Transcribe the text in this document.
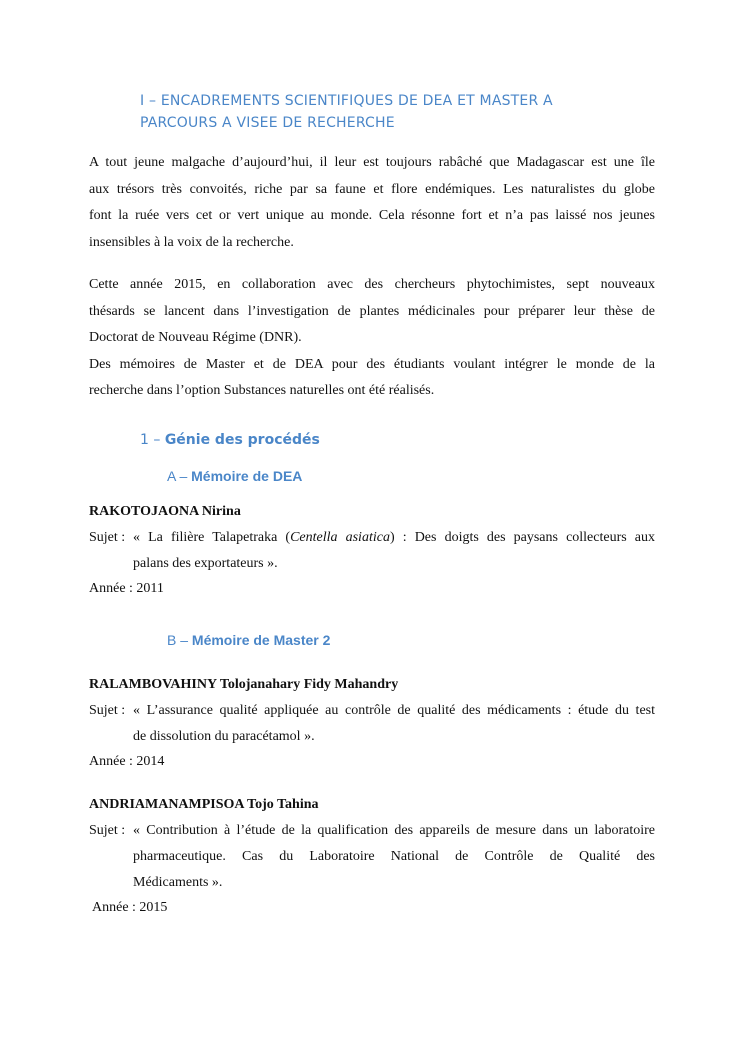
I – ENCADREMENTS SCIENTIFIQUES DE DEA ET MASTER A
PARCOURS A VISEE DE RECHERCHE
A tout jeune malgache d’aujourd’hui, il leur est toujours rabâché que Madagascar est une île
aux trésors très convoités, riche par sa faune et flore endémiques. Les naturalistes du globe
font la ruée vers cet or vert unique au monde. Cela résonne fort et n’a pas laissé nos jeunes
insensibles à la voix de la recherche.
Cette année 2015, en collaboration avec des chercheurs phytochimistes, sept nouveaux
thésards se lancent dans l’investigation de plantes médicinales pour préparer leur thèse de
Doctorat de Nouveau Régime (DNR).
Des mémoires de Master et de DEA pour des étudiants voulant intégrer le monde de la
recherche dans l’option Substances naturelles ont été réalisés.
1 – Génie des procédés
A – Mémoire de DEA
RAKOTOJAONA Nirina
Sujet : « La filière Talapetraka (Centella asiatica) : Des doigts des paysans collecteurs aux
palans des exportateurs ».
Année : 2011
B – Mémoire de Master 2
RALAMBOVAHINY Tolojanahary Fidy Mahandry
Sujet : « L’assurance qualité appliquée au contrôle de qualité des médicaments : étude du test
de dissolution du paracétamol ».
Année : 2014
ANDRIAMANAMPISOA Tojo Tahina
Sujet : « Contribution à l’étude de la qualification des appareils de mesure dans un laboratoire
pharmaceutique. Cas du Laboratoire National de Contrôle de Qualité des
Médicaments ».
Année : 2015
